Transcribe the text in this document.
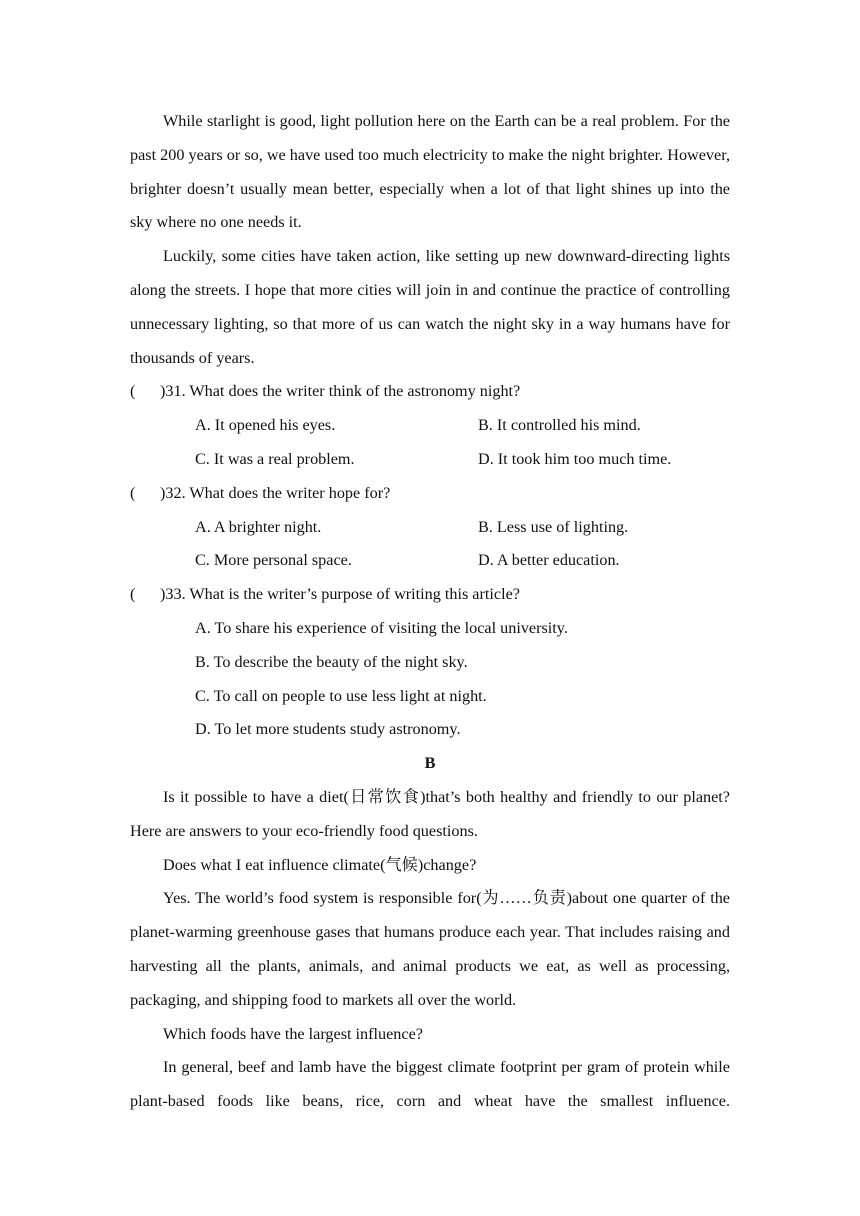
While starlight is good, light pollution here on the Earth can be a real problem. For the past 200 years or so, we have used too much electricity to make the night brighter. However, brighter doesn’t usually mean better, especially when a lot of that light shines up into the sky where no one needs it.

Luckily, some cities have taken action, like setting up new downward-directing lights along the streets. I hope that more cities will join in and continue the practice of controlling unnecessary lighting, so that more of us can watch the night sky in a way humans have for thousands of years.

( )31. What does the writer think of the astronomy night?

A. It opened his eyes.	B. It controlled his mind.

C. It was a real problem.	D. It took him too much time.

( )32. What does the writer hope for?

A. A brighter night.	B. Less use of lighting.

C. More personal space.	D. A better education.

( )33. What is the writer’s purpose of writing this article?

A. To share his experience of visiting the local university.

B. To describe the beauty of the night sky.

C. To call on people to use less light at night.

D. To let more students study astronomy.

B

Is it possible to have a diet(日常饮食)that’s both healthy and friendly to our planet? Here are answers to your eco-friendly food questions.

Does what I eat influence climate(气候)change?

Yes. The world’s food system is responsible for(为……负责)about one quarter of the planet-warming greenhouse gases that humans produce each year. That includes raising and harvesting all the plants, animals, and animal products we eat, as well as processing, packaging, and shipping food to markets all over the world.

Which foods have the largest influence?

In general, beef and lamb have the biggest climate footprint per gram of protein while plant-based foods like beans, rice, corn and wheat have the smallest influence.
